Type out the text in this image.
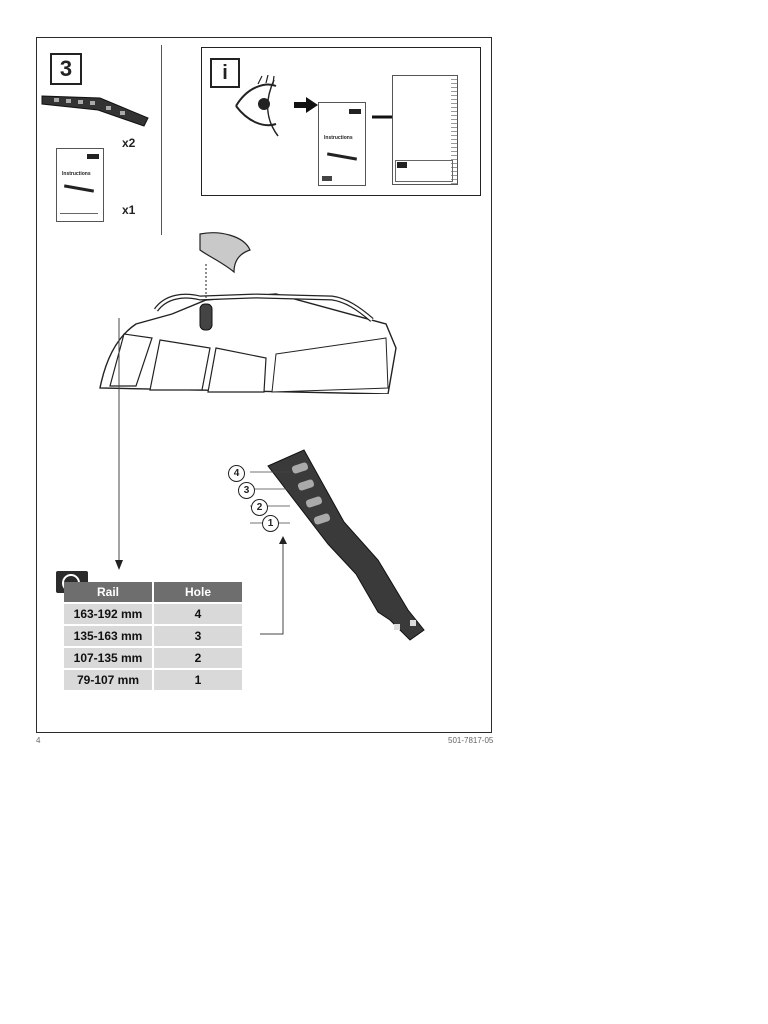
3
x2
Instructions
x1
i
Instructions
4
3
2
1
Rail	Hole
163-192 mm	4
135-163 mm	3
107-135 mm	2
79-107 mm	1
4	501-7817-05
